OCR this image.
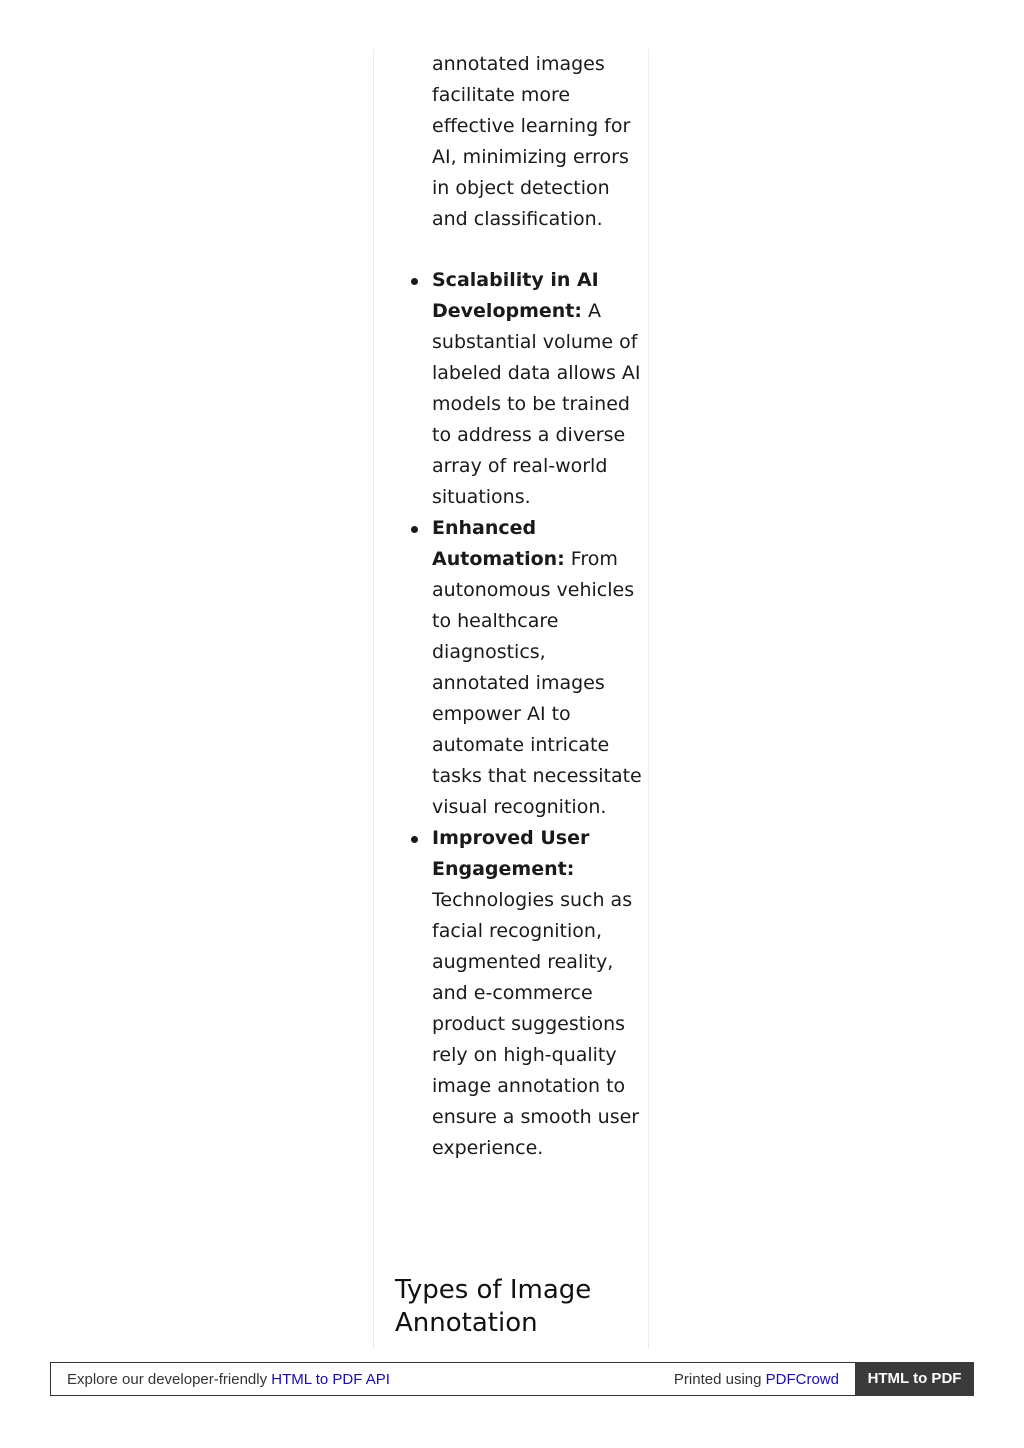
annotated images facilitate more effective learning for AI, minimizing errors in object detection and classification.

Scalability in AI Development: A substantial volume of labeled data allows AI models to be trained to address a diverse array of real-world situations.
Enhanced Automation: From autonomous vehicles to healthcare diagnostics, annotated images empower AI to automate intricate tasks that necessitate visual recognition.
Improved User Engagement: Technologies such as facial recognition, augmented reality, and e-commerce product suggestions rely on high-quality image annotation to ensure a smooth user experience.
Types of Image Annotation
Explore our developer-friendly HTML to PDF API	Printed using PDFCrowd	HTML to PDF
